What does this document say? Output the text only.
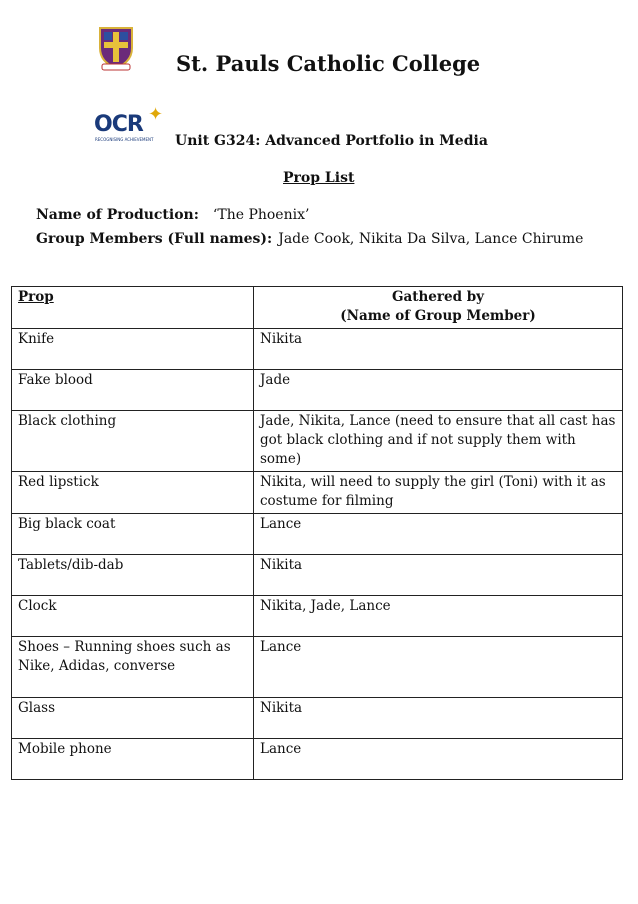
OCR ✦
RECOGNISING ACHIEVEMENT
St. Pauls Catholic College
Unit G324: Advanced Portfolio in Media
Prop List
Name of Production: ‘The Phoenix’
Group Members (Full names): Jade Cook, Nikita Da Silva, Lance Chirume
Prop	Gathered by
(Name of Group Member)

Knife	Nikita
Fake blood	Jade
Black clothing	Jade, Nikita, Lance (need to ensure that all cast has got black clothing and if not supply them with some)
Red lipstick	Nikita, will need to supply the girl (Toni) with it as costume for filming
Big black coat	Lance
Tablets/dib-dab	Nikita
Clock	Nikita, Jade, Lance
Shoes – Running shoes such as Nike, Adidas, converse	Lance
Glass	Nikita
Mobile phone	Lance
